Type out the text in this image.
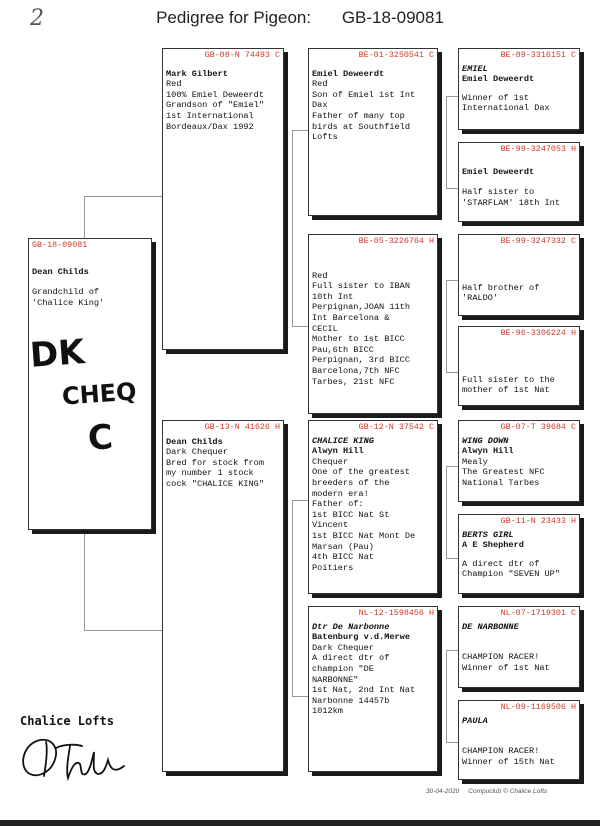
2	Pedigree for Pigeon: GB-18-09081
GB-18-09081
Dean Childs
Grandchild of
'Chalice King'
DK
CHEQ
C
GB-08-N 74493 C
Mark Gilbert
Red
100% Emiel Deweerdt
Grandson of "Emiel"
1st International
Bordeaux/Dax 1992
GB-13-N 41626 H
Dean Childs
Dark Chequer
Bred for stock from
my number 1 stock
cock "CHALICE KING"
BE-01-3250541 C
Emiel Deweerdt
Red
Son of Emiel 1st Int
Dax
Father of many top
birds at Southfield
Lofts
BE-05-3226764 H
Red
Full sister to IBAN
10th Int
Perpignan,JOAN 11th
Int Barcelona &
CECIL
Mother to 1st BICC
Pau,6th BICC
Perpignan, 3rd BICC
Barcelona,7th NFC
Tarbes, 21st NFC
GB-12-N 37542 C
CHALICE KING
Alwyn Hill
Chequer
One of the greatest
breeders of the
modern era!
Father of:
1st BICC Nat St
Vincent
1st BICC Nat Mont De
Marsan (Pau)
4th BICC Nat
Poitiers
NL-12-1598456 H
Dtr De Narbonne
Batenburg v.d.Merwe
Dark Chequer
A direct dtr of
champion "DE
NARBONNE"
1st Nat, 2nd Int Nat
Narbonne 14457b
1012km
BE-89-3316151 C
EMIEL
Emiel Deweerdt
Winner of 1st
International Dax
BE-99-3247053 H
Emiel Deweerdt
Half sister to
'STARFLAM' 18th Int
BE-99-3247332 C
Half brother of
'RALDO'
BE-96-3306224 H
Full sister to the
mother of 1st Nat
GB-07-T 39684 C
WING DOWN
Alwyn Hill
Mealy
The Greatest NFC
National Tarbes
GB-11-N 23433 H
BERTS GIRL
A E Shepherd
A direct dtr of
Champion "SEVEN UP"
NL-07-1719301 C
DE NARBONNE
CHAMPION RACER!
Winner of 1st Nat
NL-09-1169506 H
PAULA
CHAMPION RACER!
Winner of 15th Nat
Chalice Lofts
30-04-2020     Compuclub © Chalice Lofts
